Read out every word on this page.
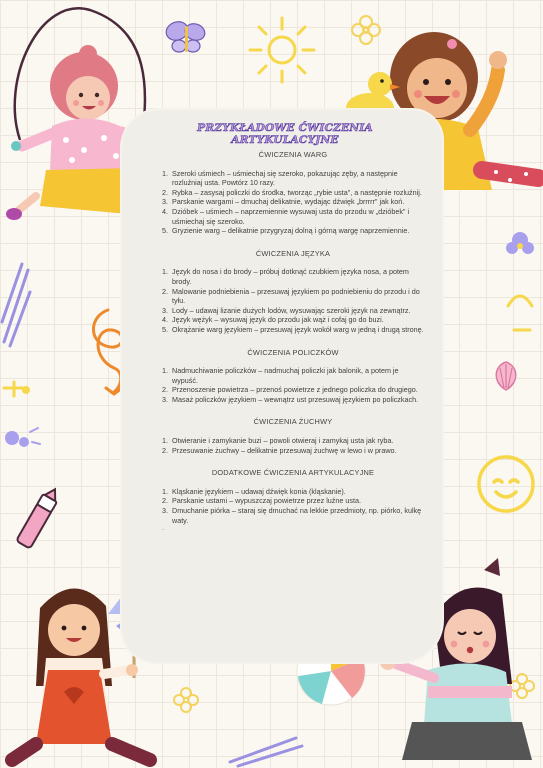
PRZYKŁADOWE ĆWICZENIA ARTYKULACYJNE
ĆWICZENIA WARG
1. Szeroki uśmiech – uśmiechaj się szeroko, pokazując zęby, a następnie rozluźniaj usta. Powtórz 10 razy.
2. Rybka – zasysaj policzki do środka, tworząc „rybie usta", a następnie rozluźnij.
3. Parskanie wargami – dmuchaj delikatnie, wydając dźwięk „brrrrr" jak koń.
4. Dzióbek – uśmiech – naprzemiennie wysuwaj usta do przodu w „dzióbek" i uśmiechaj się szeroko.
5. Gryzienie warg – delikatnie przygryzaj dolną i górną wargę naprzemiennie.
ĆWICZENIA JĘZYKA
1. Język do nosa i do brody – próbuj dotknąć czubkiem języka nosa, a potem brody.
2. Malowanie podniebienia – przesuwaj językiem po podniebieniu do przodu i do tyłu.
3. Lody – udawaj lizanie dużych lodów, wysuwając szeroki język na zewnątrz.
4. Język wężyk – wysuwaj język do przodu jak wąż i cofaj go do buzi.
5. Okrążanie warg językiem – przesuwaj język wokół warg w jedną i drugą stronę.
ĆWICZENIA POLICZKÓW
1. Nadmuchiwanie policzków – nadmuchaj policzki jak balonik, a potem je wypuść.
2. Przenoszenie powietrza – przenoś powietrze z jednego policzka do drugiego.
3. Masaż policzków językiem – wewnątrz ust przesuwaj językiem po policzkach.
ĆWICZENIA ŻUCHWY
1. Otwieranie i zamykanie buzi – powoli otwieraj i zamykaj usta jak ryba.
2. Przesuwanie żuchwy – delikatnie przesuwaj żuchwę w lewo i w prawo.
DODATKOWE ĆWICZENIA ARTYKULACYJNE
1. Kląskanie językiem – udawaj dźwięk konia (kląskanie).
2. Parskanie ustami – wypuszczaj powietrze przez luźne usta.
3. Dmuchanie piórka – staraj się dmuchać na lekkie przedmioty, np. piórko, kulkę waty.
.
